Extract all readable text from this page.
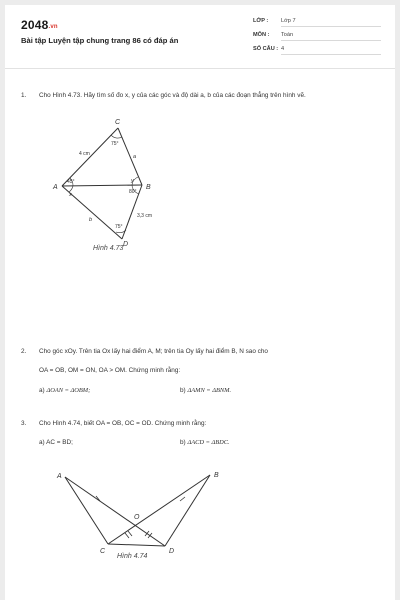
2048.vn
Bài tập Luyện tập chung trang 86 có đáp án
LỚP : Lớp 7
MÔN : Toán
SỐ CÂU : 4
1. Cho Hình 4.73. Hãy tìm số đo x, y của các góc và độ dài a, b của các đoạn thẳng trên hình vẽ.
C
A	B
D
4 cm	a
b
3,3 cm
75°
45°
x
y
80°
75°
Hình 4.73
2. Cho góc xOy. Trên tia Ox lấy hai điểm A, M; trên tia Oy lấy hai điểm B, N sao cho
OA = OB, OM = ON, OA > OM. Chứng minh rằng:
a) ΔOAN = ΔOBM;	b) ΔAMN = ΔBNM.
3. Cho Hình 4.74, biết OA = OB, OC = OD. Chứng minh rằng:
a) AC = BD;	b) ΔACD = ΔBDC.
A	B
O
C	D
Hình 4.74
